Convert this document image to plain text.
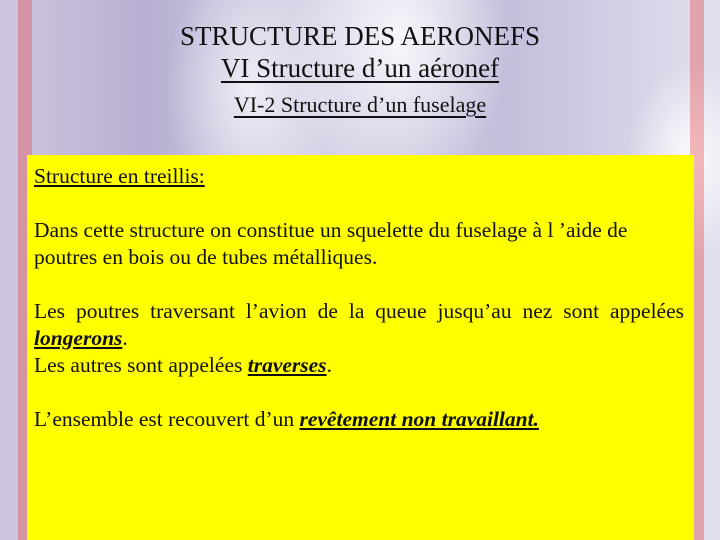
STRUCTURE DES AERONEFS
VI Structure d’un aéronef
VI-2 Structure d’un fuselage

Structure en treillis:

Dans cette structure on constitue un squelette du fuselage à l ’aide de poutres en bois ou de tubes métalliques.

Les poutres traversant l’avion de la queue jusqu’au nez sont appelées longerons.

Les autres sont appelées traverses.

L’ensemble est recouvert d’un revêtement non travaillant.
